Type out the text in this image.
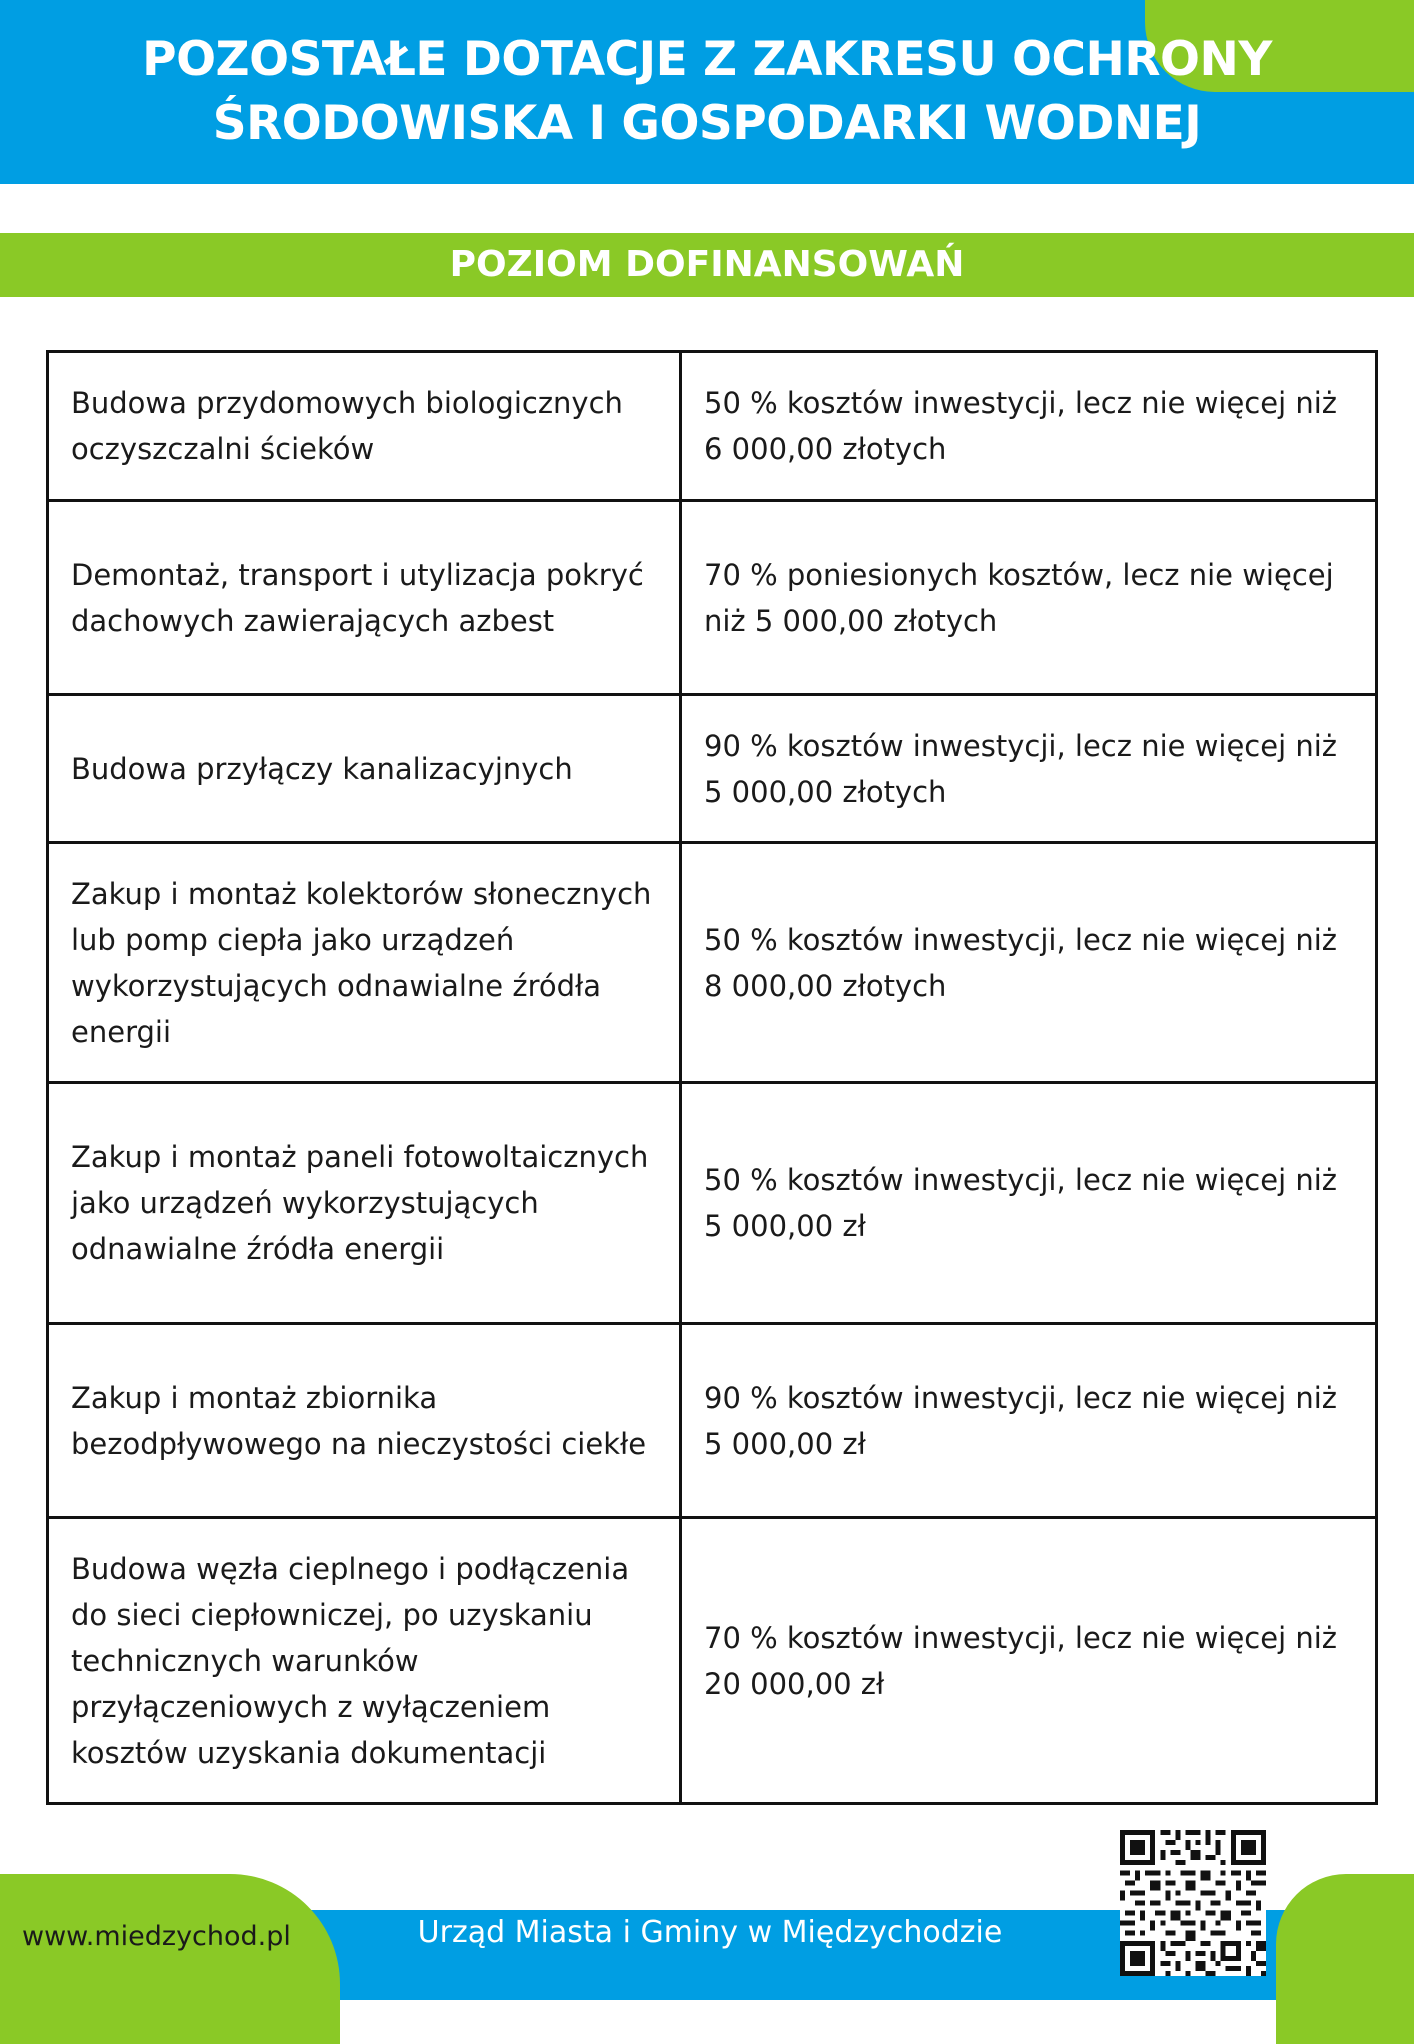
POZOSTAŁE DOTACJE Z ZAKRESU OCHRONY
ŚRODOWISKA I GOSPODARKI WODNEJ
POZIOM DOFINANSOWAŃ
Budowa przydomowych biologicznych oczyszczalni ścieków	50 % kosztów inwestycji, lecz nie więcej niż 6 000,00 złotych
Demontaż, transport i utylizacja pokryć dachowych zawierających azbest	70 % poniesionych kosztów, lecz nie więcej niż 5 000,00 złotych
Budowa przyłączy kanalizacyjnych	90 % kosztów inwestycji, lecz nie więcej niż 5 000,00 złotych
Zakup i montaż kolektorów słonecznych lub pomp ciepła jako urządzeń wykorzystujących odnawialne źródła energii	50 % kosztów inwestycji, lecz nie więcej niż 8 000,00 złotych
Zakup i montaż paneli fotowoltaicznych jako urządzeń wykorzystujących odnawialne źródła energii	50 % kosztów inwestycji, lecz nie więcej niż 5 000,00 zł
Zakup i montaż zbiornika bezodpływowego na nieczystości ciekłe	90 % kosztów inwestycji, lecz nie więcej niż 5 000,00 zł
Budowa węzła cieplnego i podłączenia do sieci ciepłowniczej, po uzyskaniu technicznych warunków przyłączeniowych z wyłączeniem kosztów uzyskania dokumentacji	70 % kosztów inwestycji, lecz nie więcej niż 20 000,00 zł
www.miedzychod.pl	Urząd Miasta i Gminy w Międzychodzie
